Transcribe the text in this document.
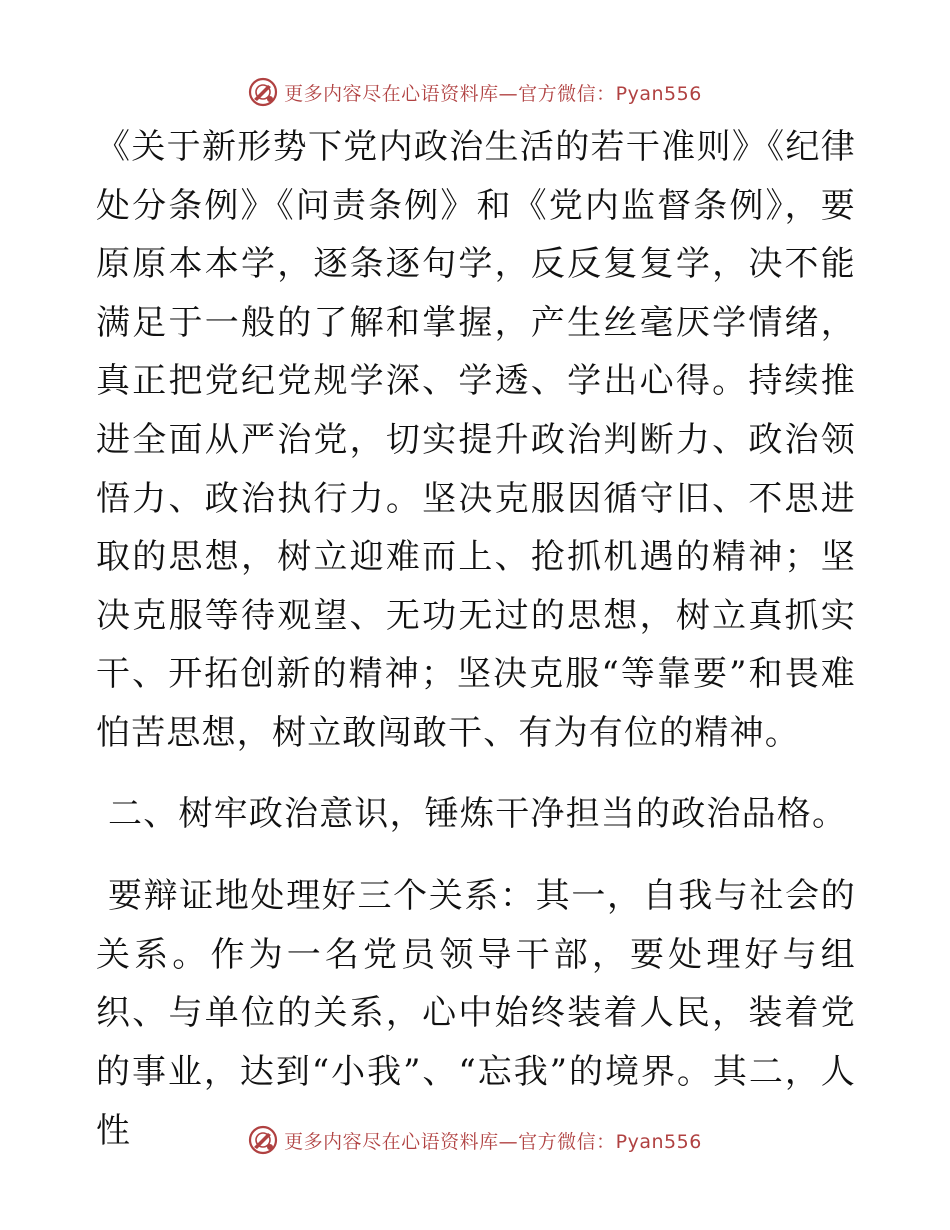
更多内容尽在心语资料库—官方微信：Pyan556

《关于新形势下党内政治生活的若干准则》《纪律处分条例》《问责条例》和《党内监督条例》，要原原本本学，逐条逐句学，反反复复学，决不能满足于一般的了解和掌握，产生丝毫厌学情绪，真正把党纪党规学深、学透、学出心得。持续推进全面从严治党，切实提升政治判断力、政治领悟力、政治执行力。坚决克服因循守旧、不思进取的思想，树立迎难而上、抢抓机遇的精神；坚决克服等待观望、无功无过的思想，树立真抓实干、开拓创新的精神；坚决克服“等靠要”和畏难怕苦思想，树立敢闯敢干、有为有位的精神。

二、树牢政治意识，锤炼干净担当的政治品格。

要辩证地处理好三个关系：其一，自我与社会的关系。作为一名党员领导干部，要处理好与组织、与单位的关系，心中始终装着人民，装着党的事业，达到“小我”、“忘我”的境界。其二，人性	更多内容尽在心语资料库—官方微信：Pyan556
